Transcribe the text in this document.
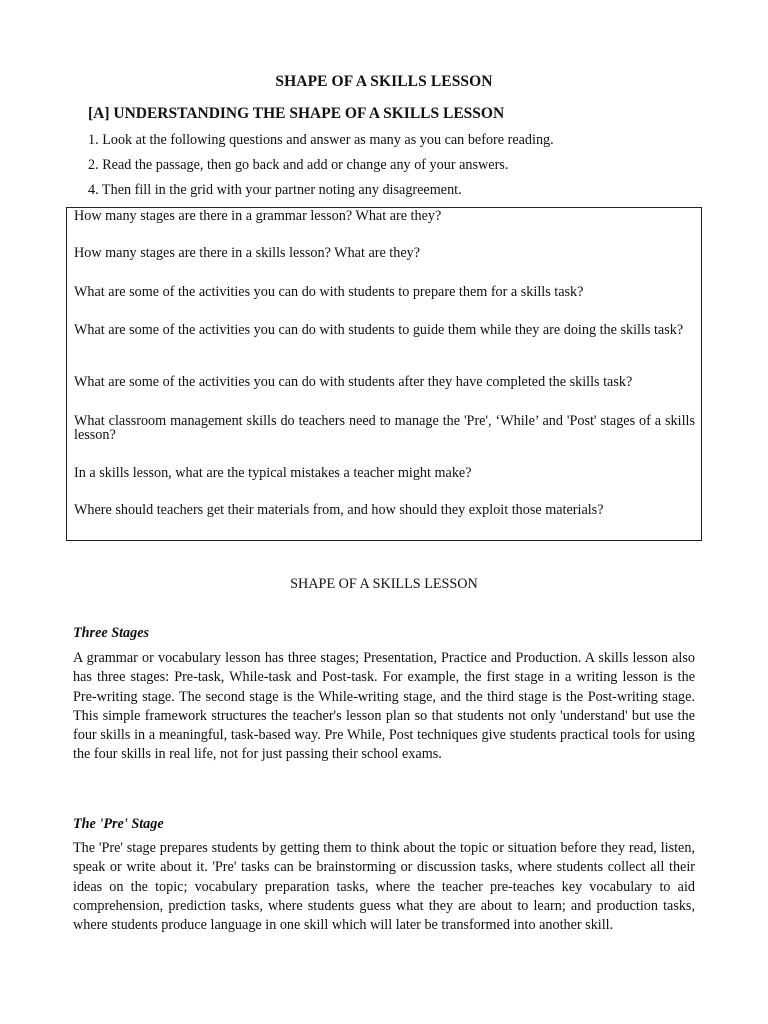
SHAPE OF A SKILLS LESSON
[A] UNDERSTANDING THE SHAPE OF A SKILLS LESSON
1. Look at the following questions and answer as many as you can before reading.
2. Read the passage, then go back and add or change any of your answers.
4. Then fill in the grid with your partner noting any disagreement.
How many stages are there in a grammar lesson? What are they?
How many stages are there in a skills lesson? What are they?
What are some of the activities you can do with students to prepare them for a skills task?
What are some of the activities you can do with students to guide them while they are doing the skills task?
What are some of the activities you can do with students after they have completed the skills task?
What classroom management skills do teachers need to manage the 'Pre', ‘While’ and 'Post' stages of a skills lesson?
In a skills lesson, what are the typical mistakes a teacher might make?
Where should teachers get their materials from, and how should they exploit those materials?
SHAPE OF A SKILLS LESSON
Three Stages
A grammar or vocabulary lesson has three stages; Presentation, Practice and Production. A skills lesson also has three stages: Pre-task, While-task and Post-task. For example, the first stage in a writing lesson is the Pre-writing stage. The second stage is the While-writing stage, and the third stage is the Post-writing stage. This simple framework structures the teacher's lesson plan so that students not only 'understand' but use the four skills in a meaningful, task-based way. Pre While, Post techniques give students practical tools for using the four skills in real life, not for just passing their school exams.
The 'Pre' Stage
The 'Pre' stage prepares students by getting them to think about the topic or situation before they read, listen, speak or write about it. 'Pre' tasks can be brainstorming or discussion tasks, where students collect all their ideas on the topic; vocabulary preparation tasks, where the teacher pre-teaches key vocabulary to aid comprehension, prediction tasks, where students guess what they are about to learn; and production tasks, where students produce language in one skill which will later be transformed into another skill.
